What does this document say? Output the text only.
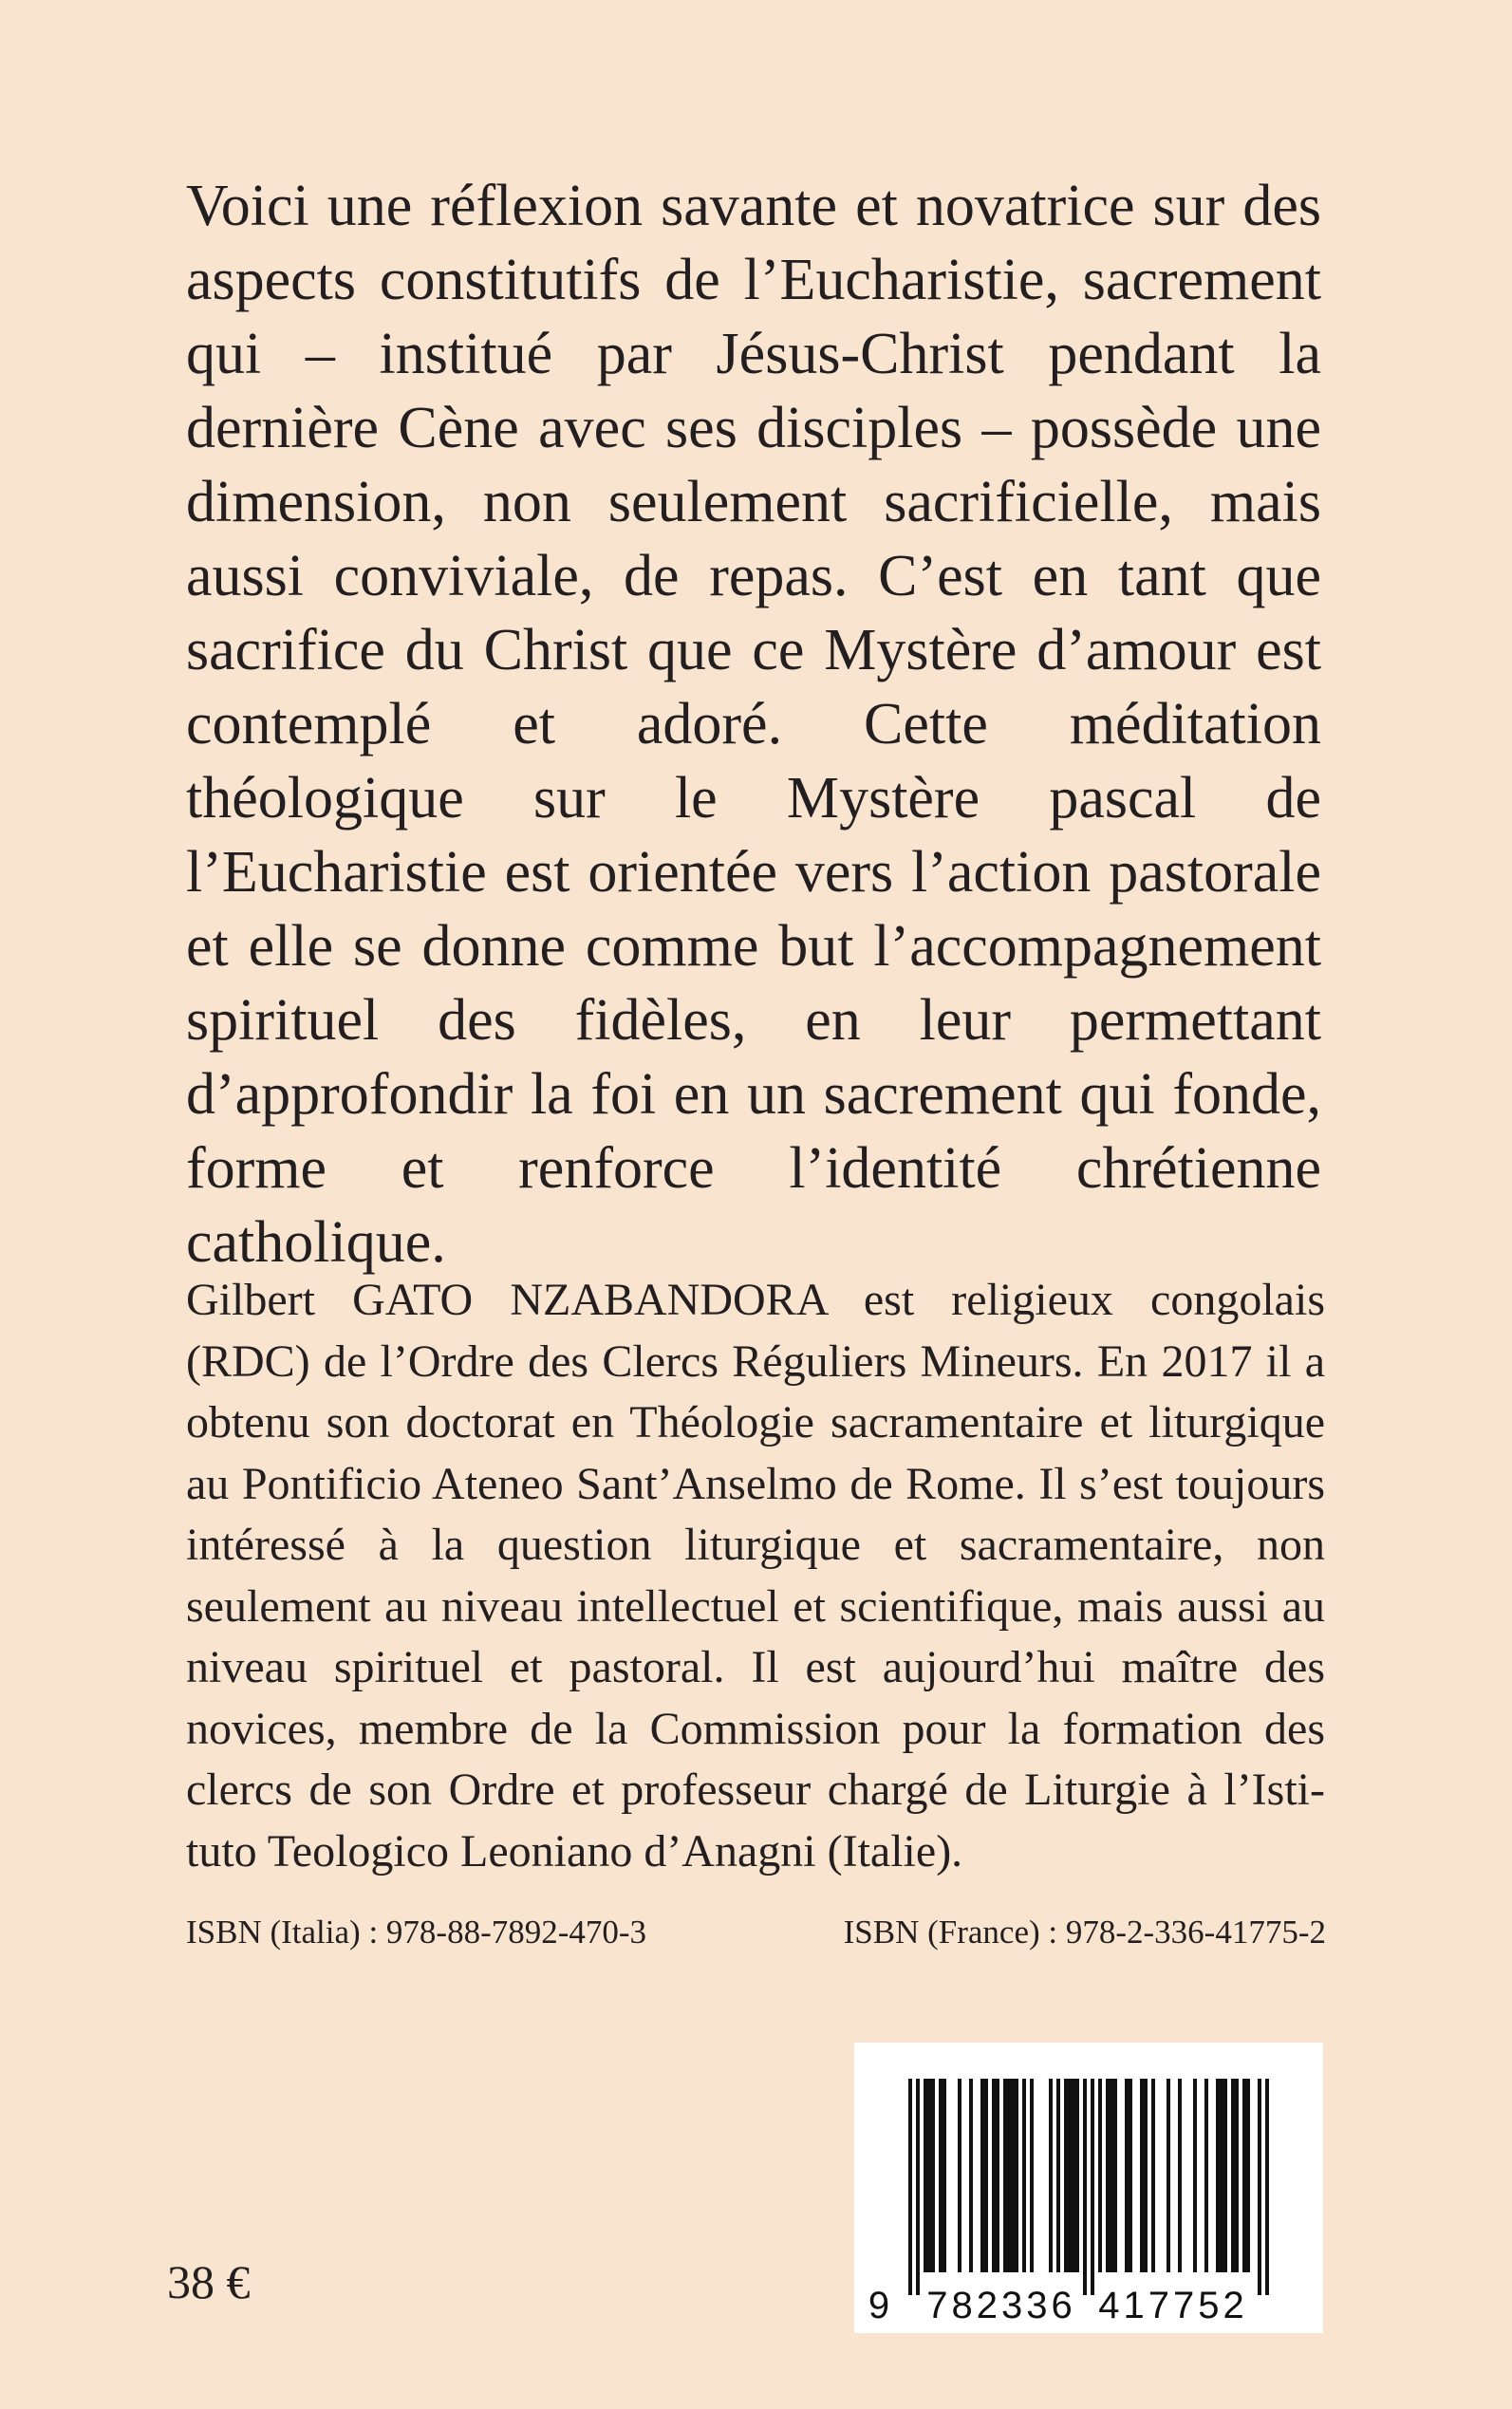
Voici une réflexion savante et novatrice sur des aspects constitutifs de l’Eucharistie, sacrement qui – institué par Jésus-Christ pendant la dernière Cène avec ses disciples – possède une dimension, non seulement sacrificielle, mais aussi conviviale, de repas. C’est en tant que sacrifice du Christ que ce Mystère d’amour est contemplé et adoré. Cette méditation théologique sur le Mystère pascal de l’Eucharistie est orientée vers l’action pastorale et elle se donne comme but l’accompagnement spirituel des fidèles, en leur permettant d’approfondir la foi en un sacrement qui fonde, forme et renforce l’identité chrétienne catholique.

Gilbert GATO NZABANDORA est religieux congolais (RDC) de l’Ordre des Clercs Réguliers Mineurs. En 2017 il a obtenu son doctorat en Théologie sacramentaire et liturgique au Pontificio Ateneo Sant’Anselmo de Rome. Il s’est toujours intéressé à la question liturgique et sacramentaire, non seulement au niveau intellectuel et scientifique, mais aussi au niveau spirituel et pastoral. Il est aujourd’hui maître des novices, membre de la Commission pour la formation des clercs de son Ordre et professeur chargé de Liturgie à l’Istituto Teologico Leoniano d’Anagni (Italie).

ISBN (Italia) : 978-88-7892-470-3	ISBN (France) : 978-2-336-41775-2
9 782336 417752
38 €
